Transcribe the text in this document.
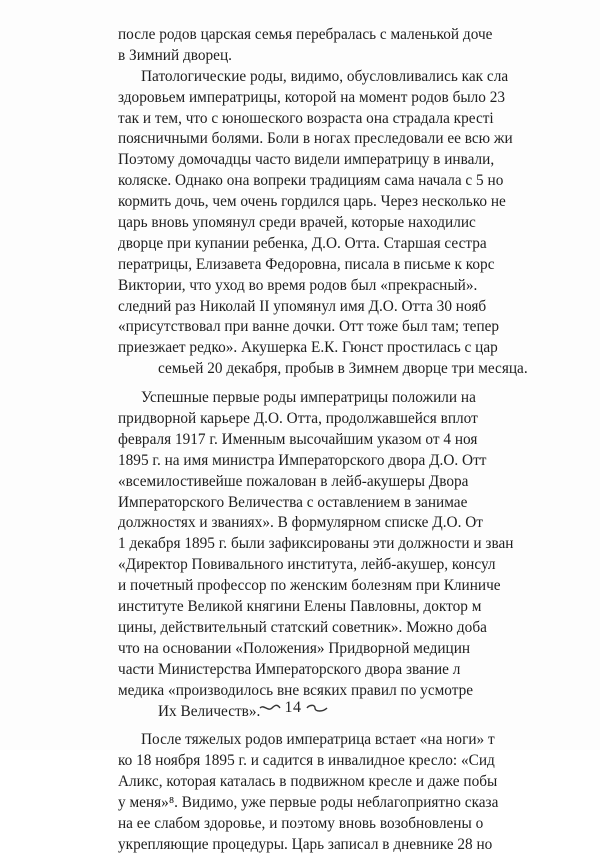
после родов царская семья перебралась с маленькой доче
в Зимний дворец.
Патологические роды, видимо, обусловливались как сла
здоровьем императрицы, которой на момент родов было 23
так и тем, что с юношеского возраста она страдала кресті
поясничными болями. Боли в ногах преследовали ее всю жи
Поэтому домочадцы часто видели императрицу в инвали,
коляске. Однако она вопреки традициям сама начала с 5 но
кормить дочь, чем очень гордился царь. Через несколько не
царь вновь упомянул среди врачей, которые находилис
дворце при купании ребенка, Д.О. Отта. Старшая сестра
ператрицы, Елизавета Федоровна, писала в письме к корс
Виктории, что уход во время родов был «прекрасный».
следний раз Николай II упомянул имя Д.О. Отта 30 нояб
«присутствовал при ванне дочки. Отт тоже был там; тепер
приезжает редко». Акушерка Е.К. Гюнст простилась с цар
семьей 20 декабря, пробыв в Зимнем дворце три месяца.
Успешные первые роды императрицы положили на
придворной карьере Д.О. Отта, продолжавшейся вплот
февраля 1917 г. Именным высочайшим указом от 4 ноя
1895 г. на имя министра Императорского двора Д.О. Отт
«всемилостивейше пожалован в лейб-акушеры Двора
Императорского Величества с оставлением в занимае
должностях и званиях». В формулярном списке Д.О. От
1 декабря 1895 г. были зафиксированы эти должности и зван
«Директор Повивального института, лейб-акушер, консул
и почетный профессор по женским болезням при Клиниче
институте Великой княгини Елены Павловны, доктор м
цины, действительный статский советник». Можно доба
что на основании «Положения» Придворной медицин
части Министерства Императорского двора звание л
медика «производилось вне всяких правил по усмотре
Их Величеств».
После тяжелых родов императрица встает «на ноги» т
ко 18 ноября 1895 г. и садится в инвалидное кресло: «Сид
Аликс, которая каталась в подвижном кресле и даже побы
у меня»⁸. Видимо, уже первые роды неблагоприятно сказа
на ее слабом здоровье, и поэтому вновь возобновлены о
укрепляющие процедуры. Царь записал в дневнике 28 но
14
